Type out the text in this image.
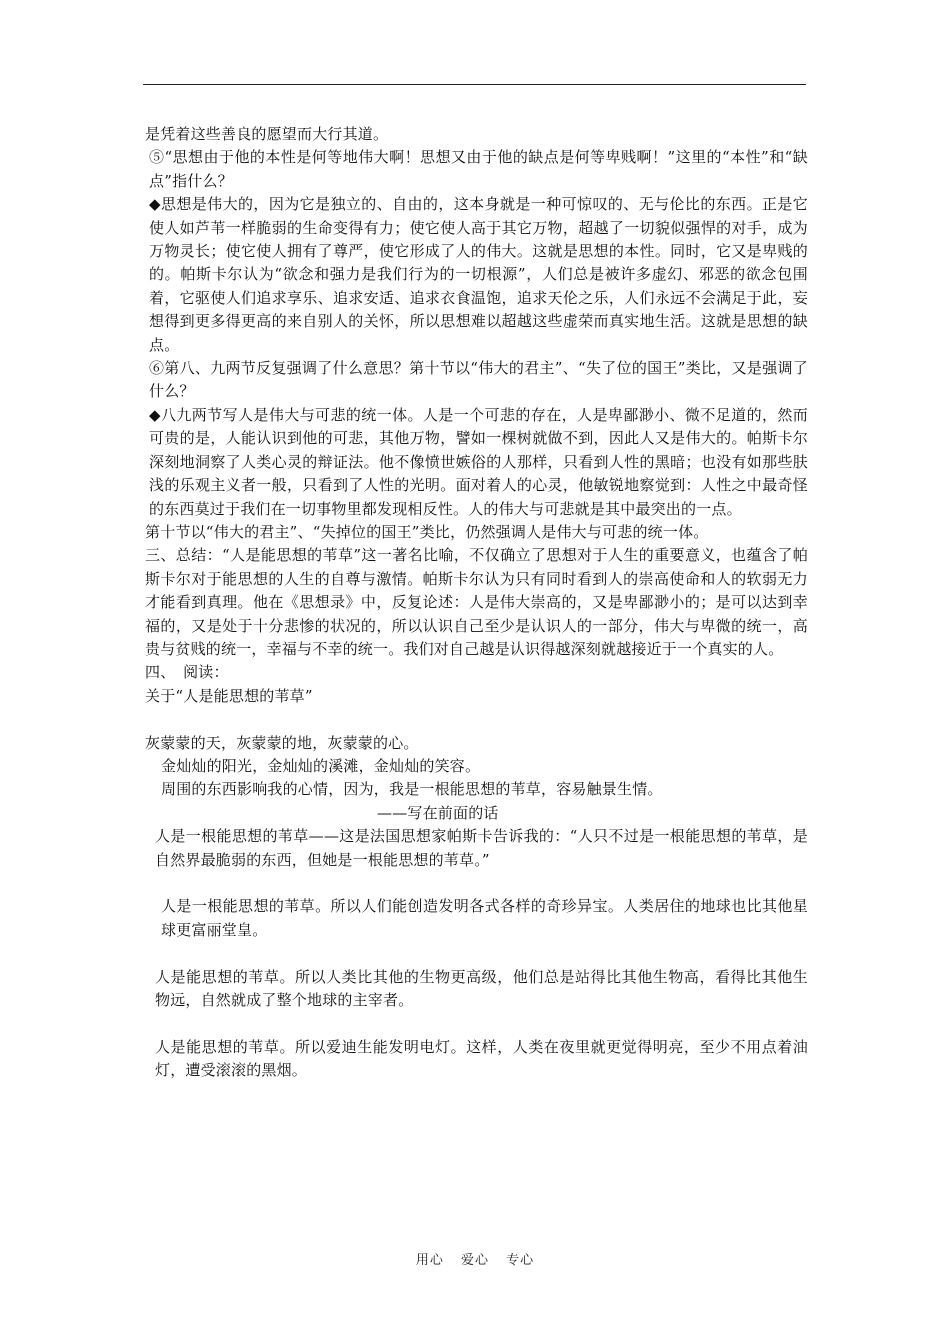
是凭着这些善良的愿望而大行其道。

⑤“思想由于他的本性是何等地伟大啊！思想又由于他的缺点是何等卑贱啊！”这里的“本性”和“缺点”指什么？

◆思想是伟大的，因为它是独立的、自由的，这本身就是一种可惊叹的、无与伦比的东西。正是它使人如芦苇一样脆弱的生命变得有力；使它使人高于其它万物，超越了一切貌似强悍的对手，成为万物灵长；使它使人拥有了尊严，使它形成了人的伟大。这就是思想的本性。同时，它又是卑贱的的。帕斯卡尔认为“欲念和强力是我们行为的一切根源”，人们总是被许多虚幻、邪恶的欲念包围着，它驱使人们追求享乐、追求安适、追求衣食温饱，追求天伦之乐，人们永远不会满足于此，妄想得到更多得更高的来自别人的关怀，所以思想难以超越这些虚荣而真实地生活。这就是思想的缺点。

⑥第八、九两节反复强调了什么意思？第十节以“伟大的君主”、“失了位的国王”类比，又是强调了什么？

◆八九两节写人是伟大与可悲的统一体。人是一个可悲的存在，人是卑鄙渺小、微不足道的，然而可贵的是，人能认识到他的可悲，其他万物，譬如一棵树就做不到，因此人又是伟大的。帕斯卡尔深刻地洞察了人类心灵的辩证法。他不像愤世嫉俗的人那样，只看到人性的黑暗；也没有如那些肤浅的乐观主义者一般，只看到了人性的光明。面对着人的心灵，他敏锐地察觉到：人性之中最奇怪的东西莫过于我们在一切事物里都发现相反性。人的伟大与可悲就是其中最突出的一点。

第十节以“伟大的君主”、“失掉位的国王”类比，仍然强调人是伟大与可悲的统一体。

三、总结：“人是能思想的苇草”这一著名比喻，不仅确立了思想对于人生的重要意义，也蕴含了帕斯卡尔对于能思想的人生的自尊与激情。帕斯卡尔认为只有同时看到人的崇高使命和人的软弱无力才能看到真理。他在《思想录》中，反复论述：人是伟大崇高的，又是卑鄙渺小的；是可以达到幸福的，又是处于十分悲惨的状况的，所以认识自己至少是认识人的一部分，伟大与卑微的统一，高贵与贫贱的统一，幸福与不幸的统一。我们对自己越是认识得越深刻就越接近于一个真实的人。

四、　阅读：

关于“人是能思想的苇草”

灰蒙蒙的天，灰蒙蒙的地，灰蒙蒙的心。

金灿灿的阳光，金灿灿的溪滩，金灿灿的笑容。

周围的东西影响我的心情，因为，我是一根能思想的苇草，容易触景生情。

——写在前面的话

人是一根能思想的苇草——这是法国思想家帕斯卡告诉我的：“人只不过是一根能思想的苇草，是自然界最脆弱的东西，但她是一根能思想的苇草。”

人是一根能思想的苇草。所以人们能创造发明各式各样的奇珍异宝。人类居住的地球也比其他星球更富丽堂皇。

人是能思想的苇草。所以人类比其他的生物更高级，他们总是站得比其他生物高，看得比其他生物远，自然就成了整个地球的主宰者。

人是能思想的苇草。所以爱迪生能发明电灯。这样，人类在夜里就更觉得明亮，至少不用点着油灯，遭受滚滚的黑烟。

用心 爱心 专心
